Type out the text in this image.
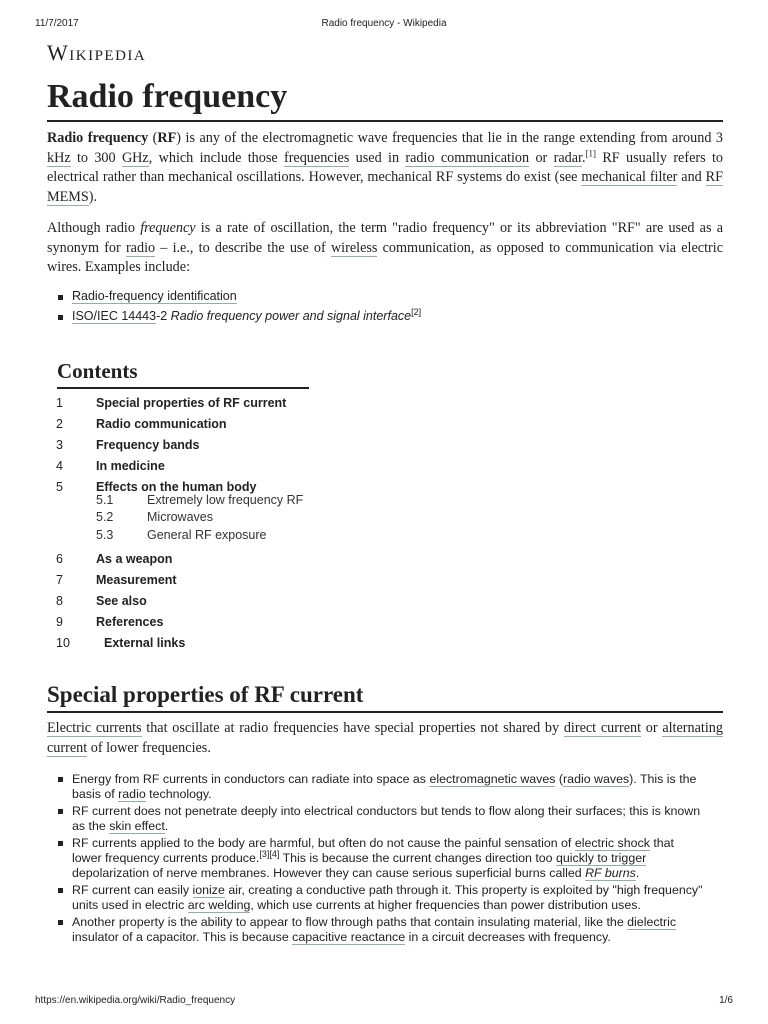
11/7/2017	Radio frequency - Wikipedia
Wikipedia
Radio frequency

Radio frequency (RF) is any of the electromagnetic wave frequencies that lie in the range extending from around 3 kHz to 300 GHz, which include those frequencies used in radio communication or radar.[1] RF usually refers to electrical rather than mechanical oscillations. However, mechanical RF systems do exist (see mechanical filter and RF MEMS).

Although radio frequency is a rate of oscillation, the term "radio frequency" or its abbreviation "RF" are used as a synonym for radio – i.e., to describe the use of wireless communication, as opposed to communication via electric wires. Examples include:

Radio-frequency identification
ISO/IEC 14443-2 Radio frequency power and signal interface[2]
Contents
1	Special properties of RF current
2	Radio communication
3	Frequency bands
4	In medicine
5	Effects on the human body
5.1	Extremely low frequency RF
5.2	Microwaves
5.3	General RF exposure
6	As a weapon
7	Measurement
8	See also
9	References
10	External links
Special properties of RF current

Electric currents that oscillate at radio frequencies have special properties not shared by direct current or alternating current of lower frequencies.

Energy from RF currents in conductors can radiate into space as electromagnetic waves (radio waves). This is the basis of radio technology.
RF current does not penetrate deeply into electrical conductors but tends to flow along their surfaces; this is known as the skin effect.
RF currents applied to the body are harmful, but often do not cause the painful sensation of electric shock that lower frequency currents produce.[3][4] This is because the current changes direction too quickly to trigger depolarization of nerve membranes. However they can cause serious superficial burns called RF burns.
RF current can easily ionize air, creating a conductive path through it. This property is exploited by "high frequency" units used in electric arc welding, which use currents at higher frequencies than power distribution uses.
Another property is the ability to appear to flow through paths that contain insulating material, like the dielectric insulator of a capacitor. This is because capacitive reactance in a circuit decreases with frequency.
https://en.wikipedia.org/wiki/Radio_frequency	1/6
